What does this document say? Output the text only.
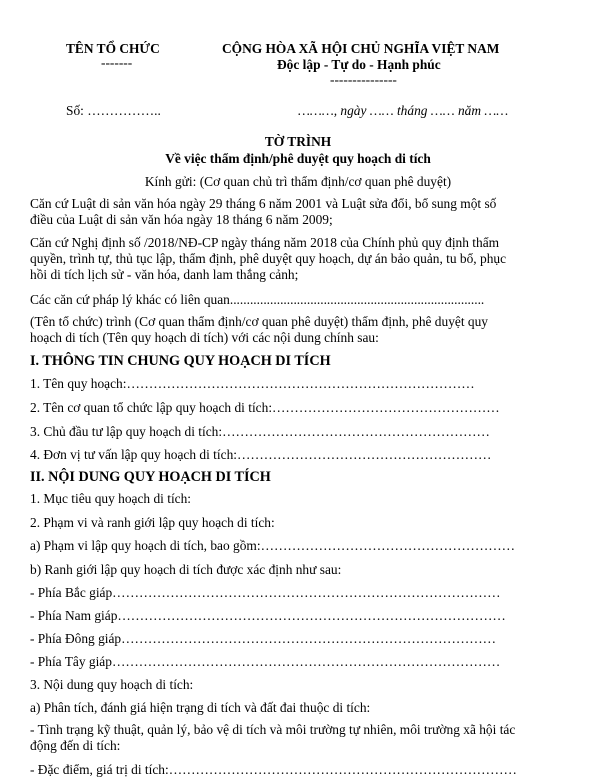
TÊN TỔ CHỨC
-------
CỘNG HÒA XÃ HỘI CHỦ NGHĨA VIỆT NAM
Độc lập - Tự do - Hạnh phúc
---------------
Số: ……………..	………, ngày …… tháng …… năm ……
TỜ TRÌNH
Về việc thẩm định/phê duyệt quy hoạch di tích
Kính gửi: (Cơ quan chủ trì thẩm định/cơ quan phê duyệt)
Căn cứ Luật di sản văn hóa ngày 29 tháng 6 năm 2001 và Luật sửa đổi, bổ sung một số điều của Luật di sản văn hóa ngày 18 tháng 6 năm 2009;
Căn cứ Nghị định số /2018/NĐ-CP ngày tháng năm 2018 của Chính phủ quy định thẩm quyền, trình tự, thủ tục lập, thẩm định, phê duyệt quy hoạch, dự án bảo quản, tu bổ, phục hồi di tích lịch sử - văn hóa, danh lam thắng cảnh;
Các căn cứ pháp lý khác có liên quan............................................................................
(Tên tổ chức) trình (Cơ quan thẩm định/cơ quan phê duyệt) thẩm định, phê duyệt quy hoạch di tích (Tên quy hoạch di tích) với các nội dung chính sau:
I. THÔNG TIN CHUNG QUY HOẠCH DI TÍCH
1. Tên quy hoạch:……………………………………………………………………
2. Tên cơ quan tổ chức lập quy hoạch di tích:……………………………………………
3. Chủ đầu tư lập quy hoạch di tích:……………………………………………………
4. Đơn vị tư vấn lập quy hoạch di tích:…………………………………………………
II. NỘI DUNG QUY HOẠCH DI TÍCH
1. Mục tiêu quy hoạch di tích:
2. Phạm vi và ranh giới lập quy hoạch di tích:
a) Phạm vi lập quy hoạch di tích, bao gồm:…………………………………………………
b) Ranh giới lập quy hoạch di tích được xác định như sau:
- Phía Bắc giáp……………………………………………………………………………
- Phía Nam giáp……………………………………………………………………………
- Phía Đông giáp…………………………………………………………………………
- Phía Tây giáp……………………………………………………………………………
3. Nội dung quy hoạch di tích:
a) Phân tích, đánh giá hiện trạng di tích và đất đai thuộc di tích:
- Tình trạng kỹ thuật, quản lý, bảo vệ di tích và môi trường tự nhiên, môi trường xã hội tác động đến di tích:
- Đặc điểm, giá trị di tích:……………………………………………………………………
